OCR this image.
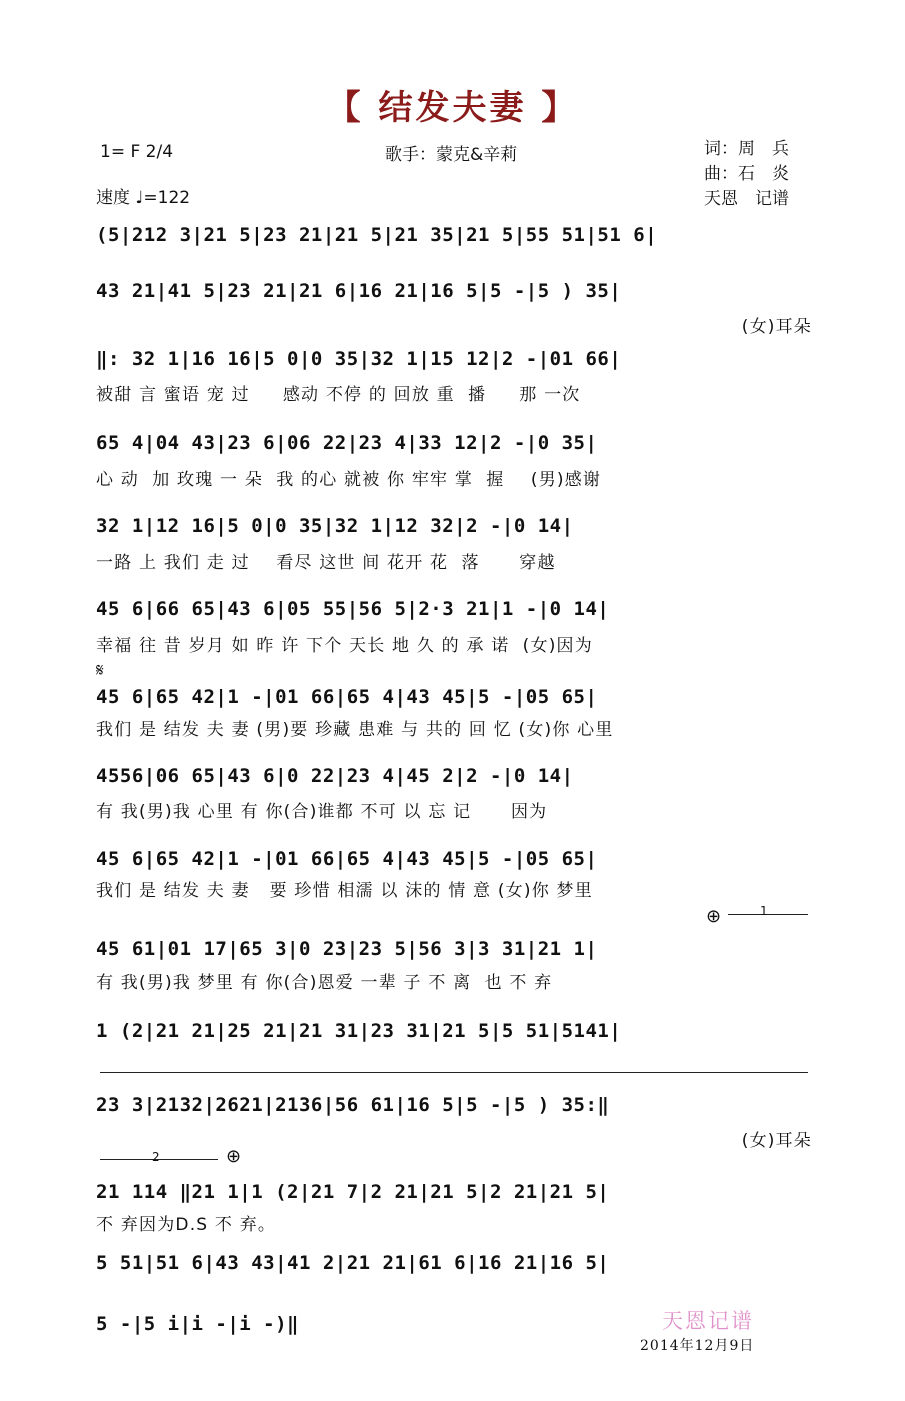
【 结发夫妻 】
1= F 2/4
速度 ♩=122
歌手：蒙克&辛莉	词：周　兵
曲：石　炎
天恩　记谱
(5|212 3|21 5|23 21|21 5|21 35|21 5|55 51|51 6|
43 21|41 5|23 21|21 6|16 21|16 5|5 -|5 ) 35|
(女)耳朵
‖: 32 1|16 16|5 0|0 35|32 1|15 12|2 -|01 66|
被甜 言 蜜语 宠 过     感动 不停 的 回放 重  播     那 一次
65 4|04 43|23 6|06 22|23 4|33 12|2 -|0 35|
心 动  加 玫瑰 一 朵  我 的心 就被 你 牢牢 掌  握    (男)感谢
32 1|12 16|5 0|0 35|32 1|12 32|2 -|0 14|
一路 上 我们 走 过    看尽 这世 间 花开 花  落      穿越
45 6|66 65|43 6|05 55|56 5|2·3 21|1 -|0 14|
幸福 往 昔 岁月 如 昨 许 下个 天长 地 久 的 承 诺  (女)因为
𝄋
45 6|65 42|1 -|01 66|65 4|43 45|5 -|05 65|
我们 是 结发 夫 妻 (男)要 珍藏 患难 与 共的 回 忆 (女)你 心里
4556|06 65|43 6|0 22|23 4|45 2|2 -|0 14|
有 我(男)我 心里 有 你(合)谁都 不可 以 忘 记      因为
45 6|65 42|1 -|01 66|65 4|43 45|5 -|05 65|
我们 是 结发 夫 妻   要 珍惜 相濡 以 沫的 情 意 (女)你 梦里
⊕	1
45 61|01 17|65 3|0 23|23 5|56 3|3 31|21 1|
有 我(男)我 梦里 有 你(合)恩爱 一辈 子 不 离  也 不 弃
1 (2|21 21|25 21|21 31|23 31|21 5|5 51|5141|
23 3|2132|2621|2136|56 61|16 5|5 -|5 ) 35:‖
(女)耳朵
2	⊕
21 114 ‖21 1|1 (2|21 7|2 21|21 5|2 21|21 5|
不 弃因为D.S 不 弃。
5 51|51 6|43 43|41 2|21 21|61 6|16 21|16 5|
5 -|5 i|i -|i -)‖	天恩记谱
2014年12月9日
